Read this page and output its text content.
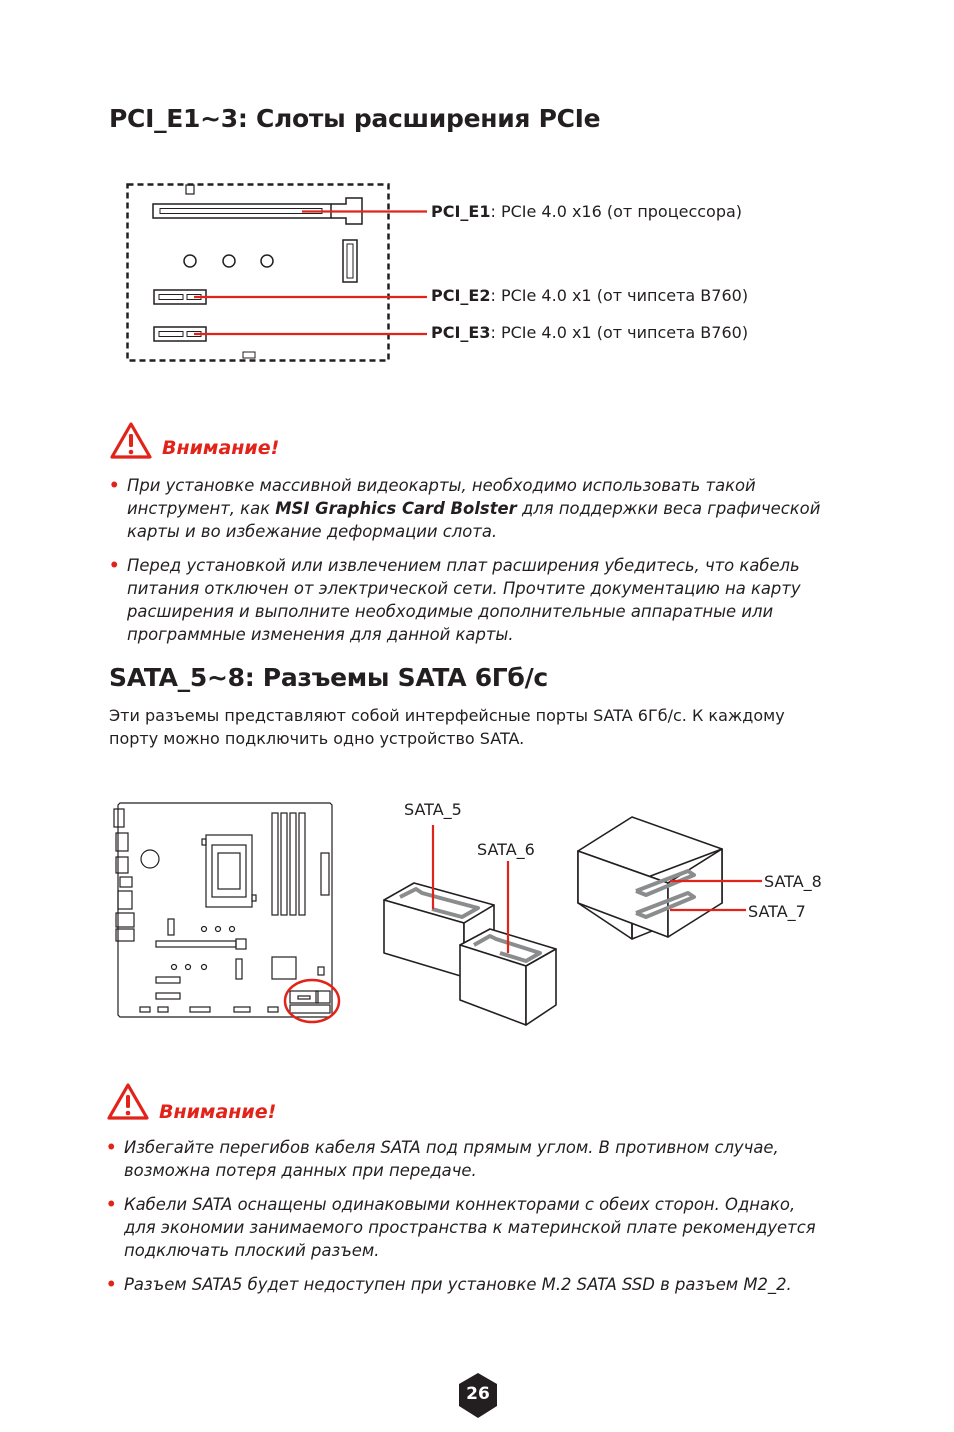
PCI_E1~3: Слоты расширения PCIe
PCI_E1: PCIe 4.0 x16 (от процессора)
PCI_E2: PCIe 4.0 x1 (от чипсета B760)
PCI_E3: PCIe 4.0 x1 (от чипсета B760)
Внимание!
• При установке массивной видеокарты, необходимо использовать такой инструмент, как MSI Graphics Card Bolster для поддержки веса графической карты и во избежание деформации слота.
• Перед установкой или извлечением плат расширения убедитесь, что кабель питания отключен от электрической сети. Прочтите документацию на карту расширения и выполните необходимые дополнительные аппаратные или программные изменения для данной карты.
SATA_5~8: Разъемы SATA 6Гб/с
Эти разъемы представляют собой интерфейсные порты SATA 6Гб/с. К каждому порту можно подключить одно устройство SATA.
SATA_5
SATA_6
SATA_8
SATA_7
Внимание!
• Избегайте перегибов кабеля SATA под прямым углом. В противном случае, возможна потеря данных при передаче.
• Кабели SATA оснащены одинаковыми коннекторами с обеих сторон. Однако, для экономии занимаемого пространства к материнской плате рекомендуется подключать плоский разъем.
• Разъем SATA5 будет недоступен при установке M.2 SATA SSD в разъем M2_2.
26
